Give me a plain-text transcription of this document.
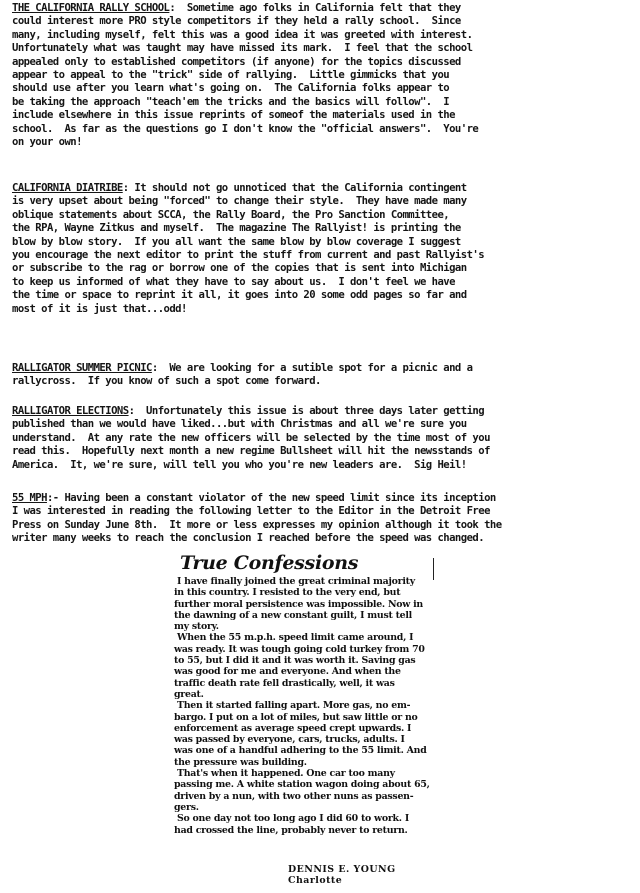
THE CALIFORNIA RALLY SCHOOL:  Sometime ago folks in California felt that they
could interest more PRO style competitors if they held a rally school.  Since
many, including myself, felt this was a good idea it was greeted with interest.
Unfortunately what was taught may have missed its mark.  I feel that the school
appealed only to established competitors (if anyone) for the topics discussed
appear to appeal to the "trick" side of rallying.  Little gimmicks that you
should use after you learn what's going on.  The California folks appear to
be taking the approach "teach'em the tricks and the basics will follow".  I
include elsewhere in this issue reprints of someof the materials used in the
school.  As far as the questions go I don't know the "official answers".  You're
on your own!
CALIFORNIA DIATRIBE: It should not go unnoticed that the California contingent
is very upset about being "forced" to change their style.  They have made many
oblique statements about SCCA, the Rally Board, the Pro Sanction Committee,
the RPA, Wayne Zitkus and myself.  The magazine The Rallyist! is printing the
blow by blow story.  If you all want the same blow by blow coverage I suggest
you encourage the next editor to print the stuff from current and past Rallyist's
or subscribe to the rag or borrow one of the copies that is sent into Michigan
to keep us informed of what they have to say about us.  I don't feel we have
the time or space to reprint it all, it goes into 20 some odd pages so far and
most of it is just that...odd!
RALLIGATOR SUMMER PICNIC:  We are looking for a sutible spot for a picnic and a
rallycross.  If you know of such a spot come forward.
RALLIGATOR ELECTIONS:  Unfortunately this issue is about three days later getting
published than we would have liked...but with Christmas and all we're sure you
understand.  At any rate the new officers will be selected by the time most of you
read this.  Hopefully next month a new regime Bullsheet will hit the newsstands of
America.  It, we're sure, will tell you who you're new leaders are.  Sig Heil!
55 MPH:- Having been a constant violator of the new speed limit since its inception
I was interested in reading the following letter to the Editor in the Detroit Free
Press on Sunday June 8th.  It more or less expresses my opinion although it took the
writer many weeks to reach the conclusion I reached before the speed was changed.
True Confessions
I have finally joined the great criminal majority
in this country. I resisted to the very end, but
further moral persistence was impossible. Now in
the dawning of a new constant guilt, I must tell
my story.
When the 55 m.p.h. speed limit came around, I
was ready. It was tough going cold turkey from 70
to 55, but I did it and it was worth it. Saving gas
was good for me and everyone. And when the
traffic death rate fell drastically, well, it was
great.
Then it started falling apart. More gas, no em-
bargo. I put on a lot of miles, but saw little or no
enforcement as average speed crept upwards. I
was passed by everyone, cars, trucks, adults. I
was one of a handful adhering to the 55 limit. And
the pressure was building.
That's when it happened. One car too many
passing me. A white station wagon doing about 65,
driven by a nun, with two other nuns as passen-
gers.
So one day not too long ago I did 60 to work. I
had crossed the line, probably never to return.
DENNIS E. YOUNG
Charlotte
